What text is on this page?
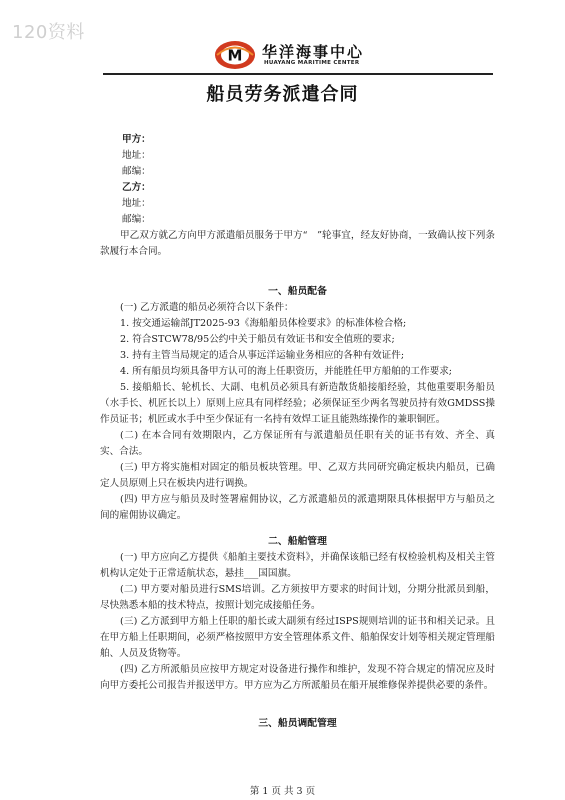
120资料
M 华洋海事中心
HUAYANG MARITIME CENTER
船员劳务派遣合同

甲方：

地址：

邮编：

乙方：

地址：

邮编：

甲乙双方就乙方向甲方派遣船员服务于甲方“　”轮事宜，经友好协商，一致确认按下列条款履行本合同。

一、船员配备

(一) 乙方派遣的船员必须符合以下条件：

1. 按交通运输部JT2025-93《海船船员体检要求》的标准体检合格;

2. 符合STCW78/95公约中关于船员有效证书和安全值班的要求;

3. 持有主管当局规定的适合从事远洋运输业务相应的各种有效证件;

4. 所有船员均须具备甲方认可的海上任职资历，并能胜任甲方船舶的工作要求;

5. 接船船长、轮机长、大副、电机员必须具有新造散货船接船经验，其他重要职务船员（水手长、机匠长以上）原则上应具有同样经验；必须保证至少两名驾驶员持有效GMDSS操作员证书；机匠或水手中至少保证有一名持有效焊工证且能熟练操作的兼职铜匠。

(二) 在本合同有效期限内，乙方保证所有与派遣船员任职有关的证书有效、齐全、真实、合法。

(三) 甲方将实施相对固定的船员板块管理。甲、乙双方共同研究确定板块内船员，已确定人员原则上只在板块内进行调换。

(四) 甲方应与船员及时签署雇佣协议，乙方派遣船员的派遣期限具体根据甲方与船员之间的雇佣协议确定。

二、船舶管理

(一) 甲方应向乙方提供《船舶主要技术资料》，并确保该船已经有权检验机构及相关主管机构认定处于正常适航状态，悬挂___国国旗。

(二) 甲方要对船员进行SMS培训。乙方须按甲方要求的时间计划，分期分批派员到船，尽快熟悉本船的技术特点，按照计划完成接船任务。

(三) 乙方派到甲方船上任职的船长或大副须有经过ISPS规则培训的证书和相关记录。且在甲方船上任职期间，必须严格按照甲方安全管理体系文件、船舶保安计划等相关规定管理船舶、人员及货物等。

(四) 乙方所派船员应按甲方规定对设备进行操作和维护，发现不符合规定的情况应及时向甲方委托公司报告并报送甲方。甲方应为乙方所派船员在船开展维修保养提供必要的条件。

三、船员调配管理

第 1 页 共 3 页
